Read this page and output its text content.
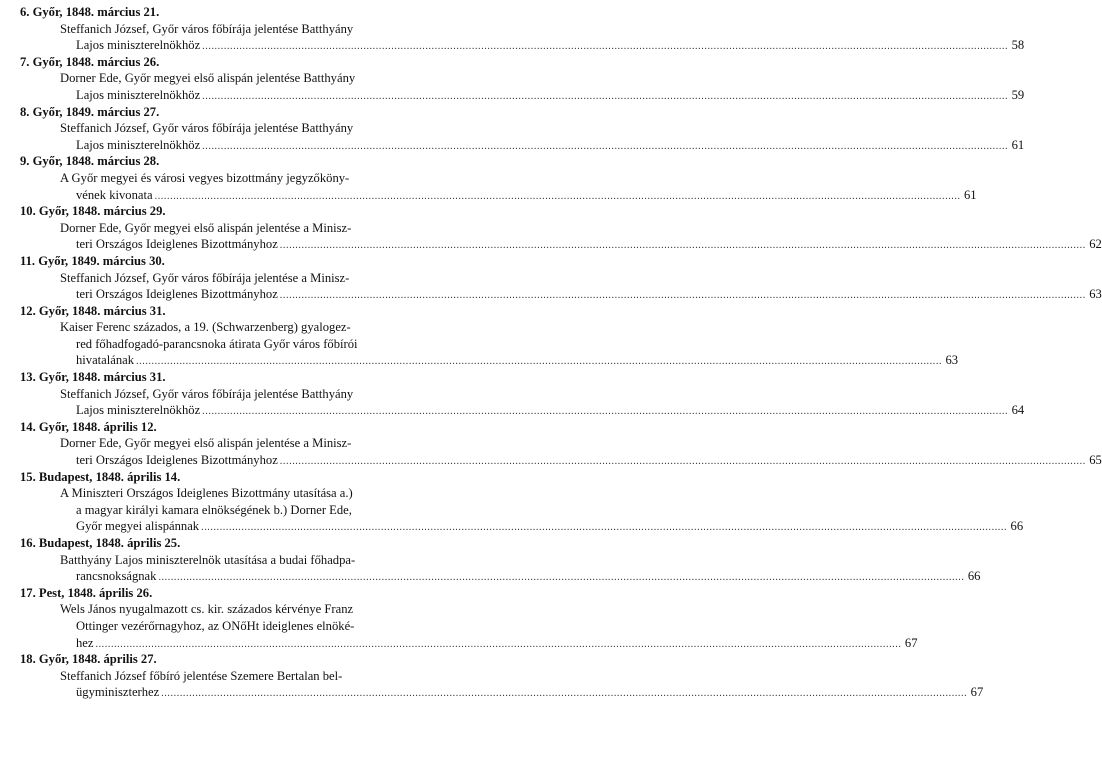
6. Győr, 1848. március 21.
Steffanich József, Győr város főbírája jelentése Batthyány
Lajos miniszterelnökhöz .................................................................................................................................................................................................................................................................... 58
7. Győr, 1848. március 26.
Dorner Ede, Győr megyei első alispán jelentése Batthyány
Lajos miniszterelnökhöz .................................................................................................................................................................................................................................................................... 59
8. Győr, 1849. március 27.
Steffanich József, Győr város főbírája jelentése Batthyány
Lajos miniszterelnökhöz .................................................................................................................................................................................................................................................................... 61
9. Győr, 1848. március 28.
A Győr megyei és városi vegyes bizottmány jegyzőköny-
vének kivonata .................................................................................................................................................................................................................................................................... 61
10. Győr, 1848. március 29.
Dorner Ede, Győr megyei első alispán jelentése a Minisz-
teri Országos Ideiglenes Bizottmányhoz .................................................................................................................................................................................................................................................................... 62
11. Győr, 1849. március 30.
Steffanich József, Győr város főbírája jelentése a Minisz-
teri Országos Ideiglenes Bizottmányhoz .................................................................................................................................................................................................................................................................... 63
12. Győr, 1848. március 31.
Kaiser Ferenc százados, a 19. (Schwarzenberg) gyalogez-
red főhadfogadó-parancsnoka átirata Győr város főbírói
hivatalának .................................................................................................................................................................................................................................................................... 63
13. Győr, 1848. március 31.
Steffanich József, Győr város főbírája jelentése Batthyány
Lajos miniszterelnökhöz .................................................................................................................................................................................................................................................................... 64
14. Győr, 1848. április 12.
Dorner Ede, Győr megyei első alispán jelentése a Minisz-
teri Országos Ideiglenes Bizottmányhoz .................................................................................................................................................................................................................................................................... 65
15. Budapest, 1848. április 14.
A Miniszteri Országos Ideiglenes Bizottmány utasítása a.)
a magyar királyi kamara elnökségének b.) Dorner Ede,
Győr megyei alispánnak .................................................................................................................................................................................................................................................................... 66
16. Budapest, 1848. április 25.
Batthyány Lajos miniszterelnök utasítása a budai főhadpa-
rancsnokságnak .................................................................................................................................................................................................................................................................... 66
17. Pest, 1848. április 26.
Wels János nyugalmazott cs. kir. százados kérvénye Franz
Ottinger vezérőrnagyhoz, az ONőHt ideiglenes elnöké-
hez .................................................................................................................................................................................................................................................................... 67
18. Győr, 1848. április 27.
Steffanich József főbíró jelentése Szemere Bertalan bel-
ügyminiszterhez .................................................................................................................................................................................................................................................................... 67
